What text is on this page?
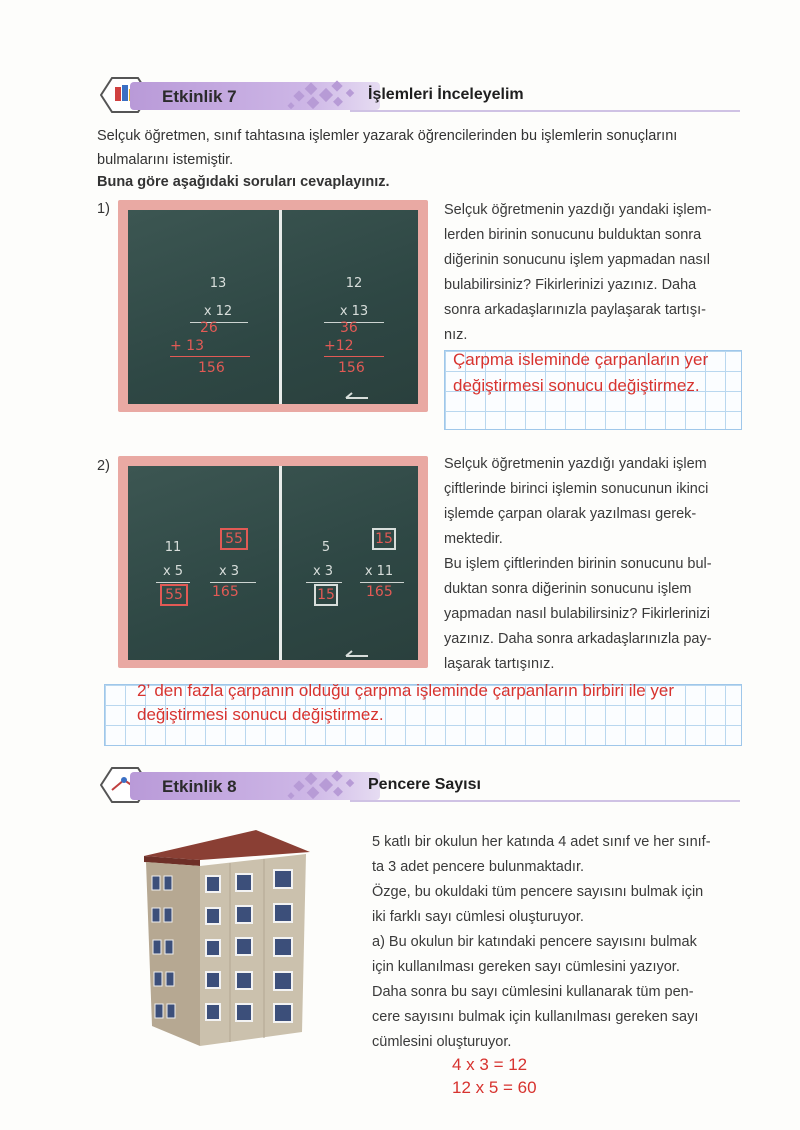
Etkinlik 7	İşlemleri İnceleyelim
Selçuk öğretmen, sınıf tahtasına işlemler yazarak öğrencilerinden bu işlemlerin sonuçlarını
bulmalarını istemiştir.
Buna göre aşağıdaki soruları cevaplayınız.
1)
13
x 12
26
+ 13
156
12
x 13
36
+12
156
Selçuk öğretmenin yazdığı yandaki işlem-
lerden birinin sonucunu bulduktan sonra
diğerinin sonucunu işlem yapmadan nasıl
bulabilirsiniz? Fikirlerinizi yazınız. Daha
sonra arkadaşlarınızla paylaşarak tartışı-
nız.
Çarpma isleminde çarpanların yer
değiştirmesi sonucu değiştirmez.
2)
11
x 5
55
55
x 3
165
5
x 3
15
15
x 11
165
Selçuk öğretmenin yazdığı yandaki işlem
çiftlerinde birinci işlemin sonucunun ikinci
işlemde çarpan olarak yazılması gerek-
mektedir.
Bu işlem çiftlerinden birinin sonucunu bul-
duktan sonra diğerinin sonucunu işlem
yapmadan nasıl bulabilirsiniz? Fikirlerinizi
yazınız. Daha sonra arkadaşlarınızla pay-
laşarak tartışınız.
2’ den fazla çarpanın olduğu çarpma işleminde çarpanların birbiri ile yer
değiştirmesi sonucu değiştirmez.
Etkinlik 8	Pencere Sayısı
5 katlı bir okulun her katında 4 adet sınıf ve her sınıf-
ta 3 adet pencere bulunmaktadır.
Özge, bu okuldaki tüm pencere sayısını bulmak için
iki farklı sayı cümlesi oluşturuyor.
a) Bu okulun bir katındaki pencere sayısını bulmak
için kullanılması gereken sayı cümlesini yazıyor.
Daha sonra bu sayı cümlesini kullanarak tüm pen-
cere sayısını bulmak için kullanılması gereken sayı
cümlesini oluşturuyor.
4 x 3 = 12
12 x 5 = 60
